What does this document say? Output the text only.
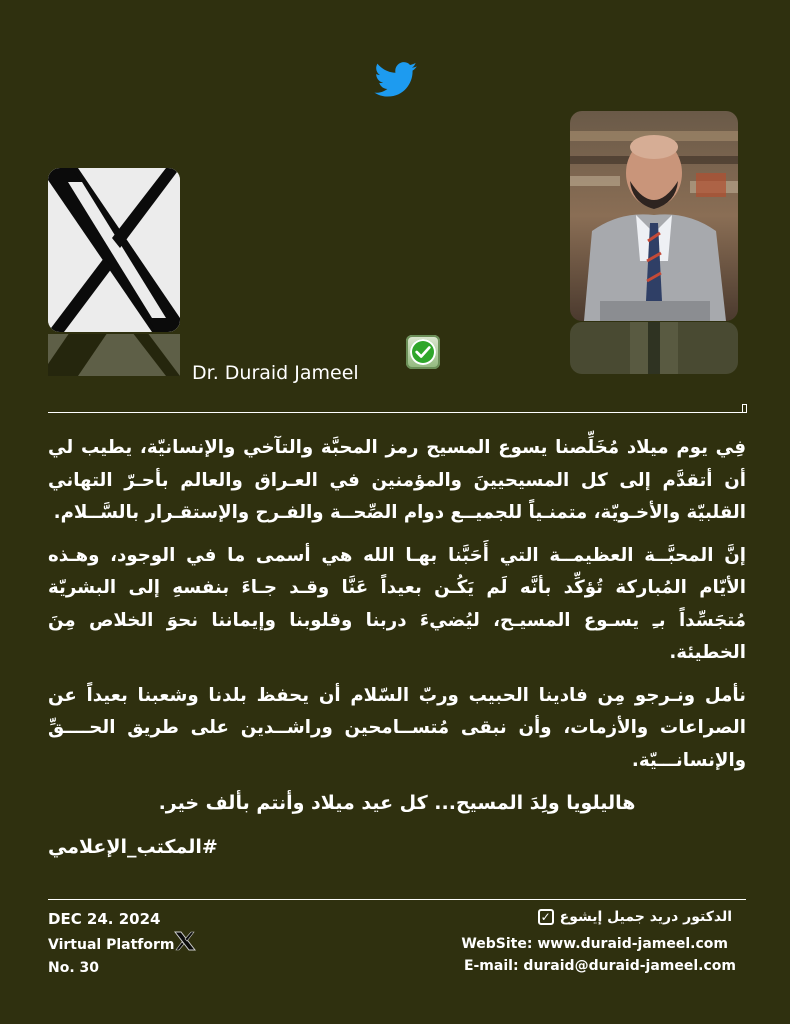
Dr. Duraid Jameel

فِي يوم ميلاد مُخَلِّصنا يسوع المسيح رمز المحبَّة والتآخي والإنسانيّة، يطيب لي أن أتقدَّم إلى كل المسيحيينَ والمؤمنين في العـراق والعالم بأحـرّ التهاني القلبيّة والأخـويّة، متمنـياً للجميــع دوام الصِّحــة والفـرح والإستقـرار بالسَّــلام.

إنَّ المحبَّــة العظيمــة التي أَحَبَّنا بهـا الله هي أسمى ما في الوجود، وهـذه الأيّام المُباركة تُؤكِّد بأنَّه لَم يَكُـن بعيداً عَنَّا وقـد جـاءَ بنفسهِ إلى البشريّة مُتجَسِّداً بـِ يسـوع المسيـح، ليُضيءَ دربنا وقلوبنا وإيماننا نحوَ الخلاص مِنَ الخطيئة.

نأمل ونـرجو مِن فادينا الحبيب وربّ السّلام أن يحفظ بلدنا وشعبنا بعيداً عن الصراعات والأزمات، وأن نبقى مُتســامحين وراشــدين على طريق الحــــقِّ والإنسانـــيّة.

هاليلويا ولِدَ المسيح... كل عيد ميلاد وأنتم بألف خير.
#المكتب_الإعلامي
DEC 24. 2024
Virtual Platform
No. 30
الدكتور دريد جميل إيشوع
✓
WebSite: www.duraid-jameel.com
E-mail: duraid@duraid-jameel.com
